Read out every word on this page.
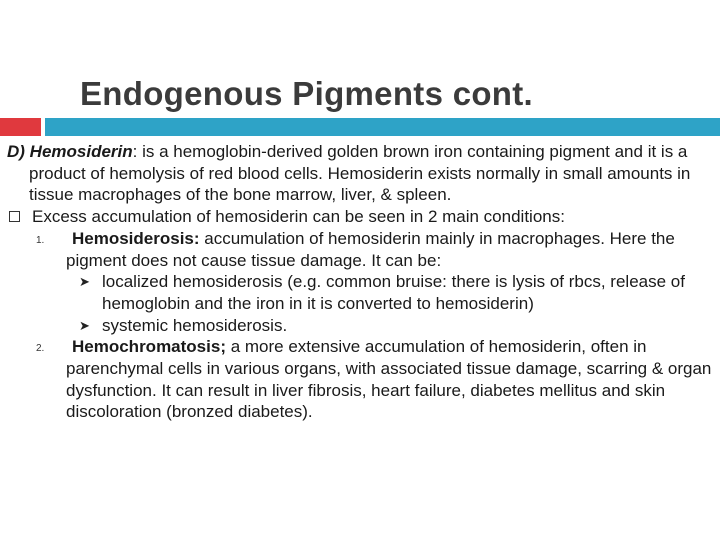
Endogenous Pigments cont.

D) Hemosiderin: is a hemoglobin-derived golden brown iron containing pigment and it is a product of hemolysis of red blood cells. Hemosiderin exists normally in small amounts in tissue macrophages of the bone marrow, liver, & spleen.

Excess accumulation of hemosiderin can be seen in 2 main conditions:

1. Hemosiderosis: accumulation of hemosiderin mainly in macrophages. Here the pigment does not cause tissue damage. It can be:
➤ localized hemosiderosis (e.g. common bruise: there is lysis of rbcs, release of hemoglobin and the iron in it is converted to hemosiderin)
➤ systemic hemosiderosis.
2. Hemochromatosis; a more extensive accumulation of hemosiderin, often in parenchymal cells in various organs, with associated tissue damage, scarring & organ dysfunction. It can result in liver fibrosis, heart failure, diabetes mellitus and skin discoloration (bronzed diabetes).
